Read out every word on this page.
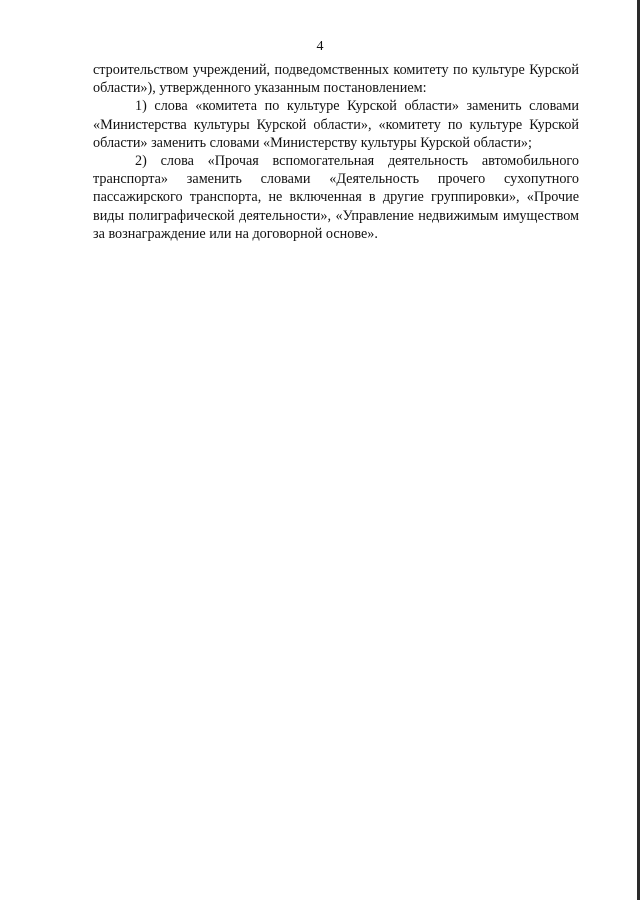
4

строительством учреждений, подведомственных комитету по культуре Курской области»), утвержденного указанным постановлением:

1) слова «комитета по культуре Курской области» заменить словами «Министерства культуры Курской области», «комитету по культуре Курской области» заменить словами «Министерству культуры Курской области»;

2) слова «Прочая вспомогательная деятельность автомобильного транспорта» заменить словами «Деятельность прочего сухопутного пассажирского транспорта, не включенная в другие группировки», «Прочие виды полиграфической деятельности», «Управление недвижимым имуществом за вознаграждение или на договорной основе».
